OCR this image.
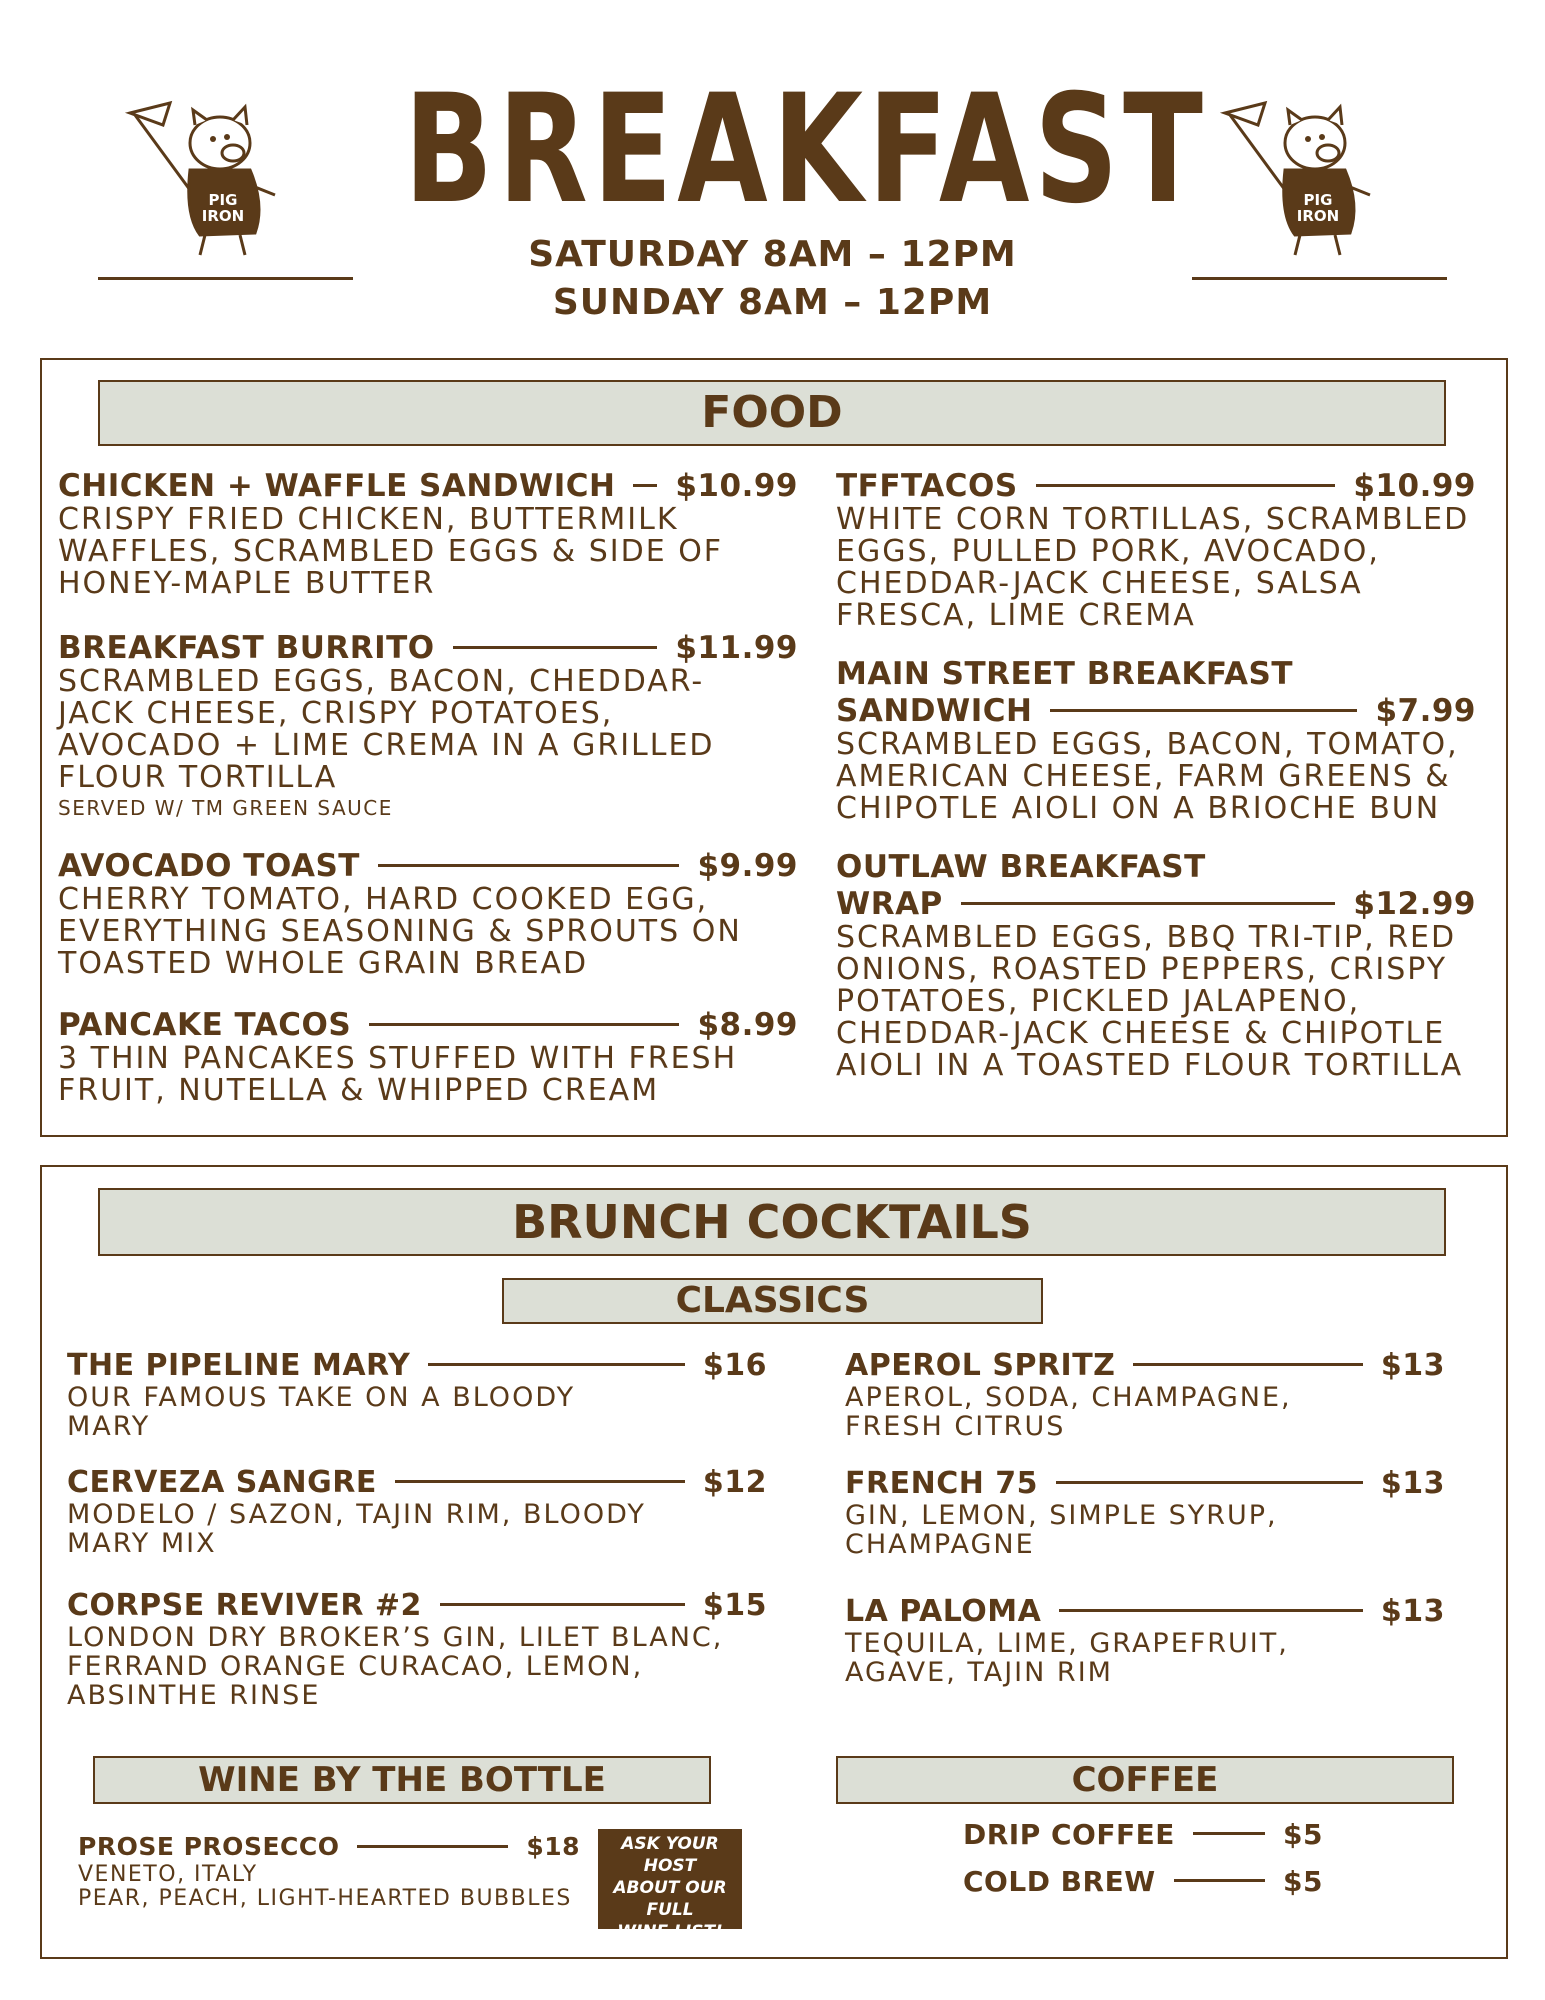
PIG
IRON
PIG
IRON
BREAKFAST
SATURDAY 8AM – 12PM
SUNDAY 8AM – 12PM
FOOD
CHICKEN + WAFFLE SANDWICH $10.99
CRISPY FRIED CHICKEN, BUTTERMILK
WAFFLES, SCRAMBLED EGGS & SIDE OF
HONEY-MAPLE BUTTER
BREAKFAST BURRITO	$11.99
SCRAMBLED EGGS, BACON, CHEDDAR-
JACK CHEESE, CRISPY POTATOES,
AVOCADO + LIME CREMA IN A GRILLED
FLOUR TORTILLA
SERVED W/ TM GREEN SAUCE
AVOCADO TOAST	$9.99
CHERRY TOMATO, HARD COOKED EGG,
EVERYTHING SEASONING & SPROUTS ON
TOASTED WHOLE GRAIN BREAD
PANCAKE TACOS	$8.99
3 THIN PANCAKES STUFFED WITH FRESH
FRUIT, NUTELLA & WHIPPED CREAM
TFFTACOS	$10.99
WHITE CORN TORTILLAS, SCRAMBLED
EGGS, PULLED PORK, AVOCADO,
CHEDDAR-JACK CHEESE, SALSA
FRESCA, LIME CREMA
MAIN STREET BREAKFAST
SANDWICH	$7.99
SCRAMBLED EGGS, BACON, TOMATO,
AMERICAN CHEESE, FARM GREENS &
CHIPOTLE AIOLI ON A BRIOCHE BUN
OUTLAW BREAKFAST
WRAP	$12.99
SCRAMBLED EGGS, BBQ TRI-TIP, RED
ONIONS, ROASTED PEPPERS, CRISPY
POTATOES, PICKLED JALAPENO,
CHEDDAR-JACK CHEESE & CHIPOTLE
AIOLI IN A TOASTED FLOUR TORTILLA
BRUNCH COCKTAILS
CLASSICS
THE PIPELINE MARY	$16
OUR FAMOUS TAKE ON A BLOODY
MARY
CERVEZA SANGRE	$12
MODELO / SAZON, TAJIN RIM, BLOODY
MARY MIX
CORPSE REVIVER #2	$15
LONDON DRY BROKER’S GIN, LILET BLANC,
FERRAND ORANGE CURACAO, LEMON,
ABSINTHE RINSE
APEROL SPRITZ	$13
APEROL, SODA, CHAMPAGNE,
FRESH CITRUS
FRENCH 75	$13
GIN, LEMON, SIMPLE SYRUP,
CHAMPAGNE
LA PALOMA	$13
TEQUILA, LIME, GRAPEFRUIT,
AGAVE, TAJIN RIM
WINE BY THE BOTTLE
PROSE PROSECCO	$18
VENETO, ITALY
PEAR, PEACH, LIGHT-HEARTED BUBBLES
ASK YOUR HOST
ABOUT OUR
FULL
WINE LIST!
COFFEE
DRIP COFFEE	$5
COLD BREW	$5
